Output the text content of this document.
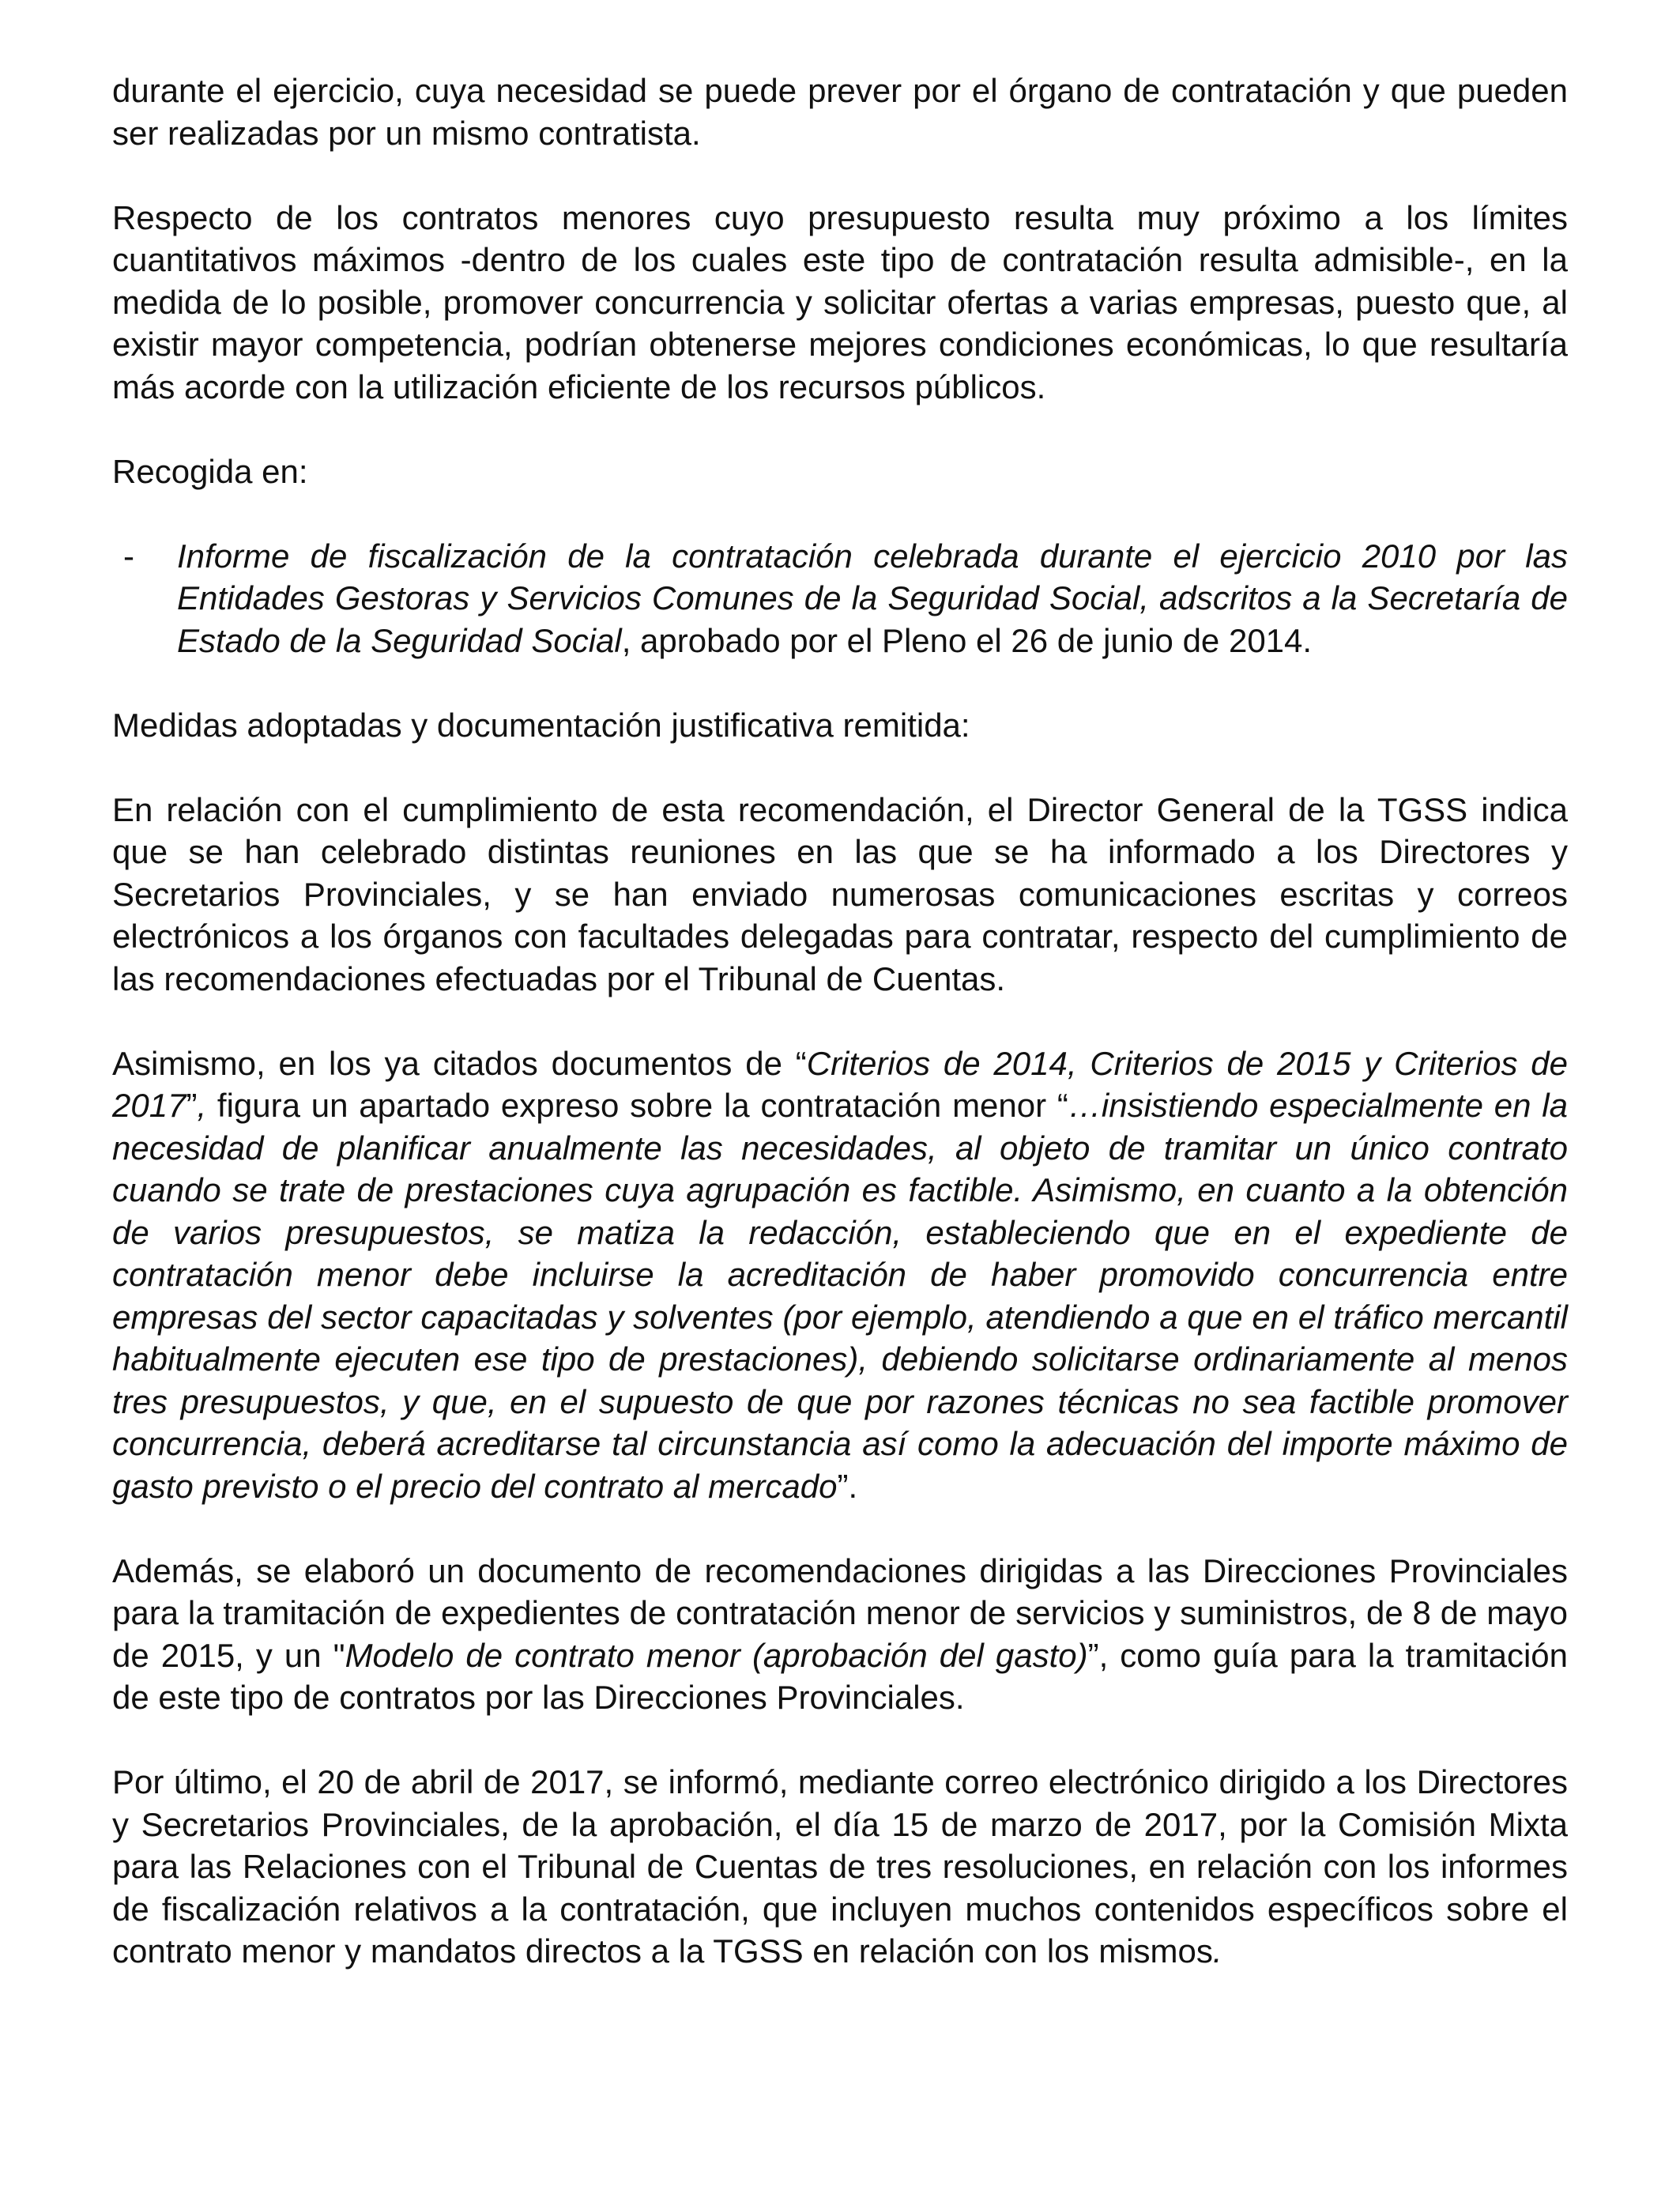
durante el ejercicio, cuya necesidad se puede prever por el órgano de contratación y que pueden ser realizadas por un mismo contratista.

Respecto de los contratos menores cuyo presupuesto resulta muy próximo a los límites cuantitativos máximos -dentro de los cuales este tipo de contratación resulta admisible-, en la medida de lo posible, promover concurrencia y solicitar ofertas a varias empresas, puesto que, al existir mayor competencia, podrían obtenerse mejores condiciones económicas, lo que resultaría más acorde con la utilización eficiente de los recursos públicos.

Recogida en:

- Informe de fiscalización de la contratación celebrada durante el ejercicio 2010 por las Entidades Gestoras y Servicios Comunes de la Seguridad Social, adscritos a la Secretaría de Estado de la Seguridad Social, aprobado por el Pleno el 26 de junio de 2014.

Medidas adoptadas y documentación justificativa remitida:

En relación con el cumplimiento de esta recomendación, el Director General de la TGSS indica que se han celebrado distintas reuniones en las que se ha informado a los Directores y Secretarios Provinciales, y se han enviado numerosas comunicaciones escritas y correos electrónicos a los órganos con facultades delegadas para contratar, respecto del cumplimiento de las recomendaciones efectuadas por el Tribunal de Cuentas.

Asimismo, en los ya citados documentos de “Criterios de 2014, Criterios de 2015 y Criterios de 2017”, figura un apartado expreso sobre la contratación menor “…insistiendo especialmente en la necesidad de planificar anualmente las necesidades, al objeto de tramitar un único contrato cuando se trate de prestaciones cuya agrupación es factible. Asimismo, en cuanto a la obtención de varios presupuestos, se matiza la redacción, estableciendo que en el expediente de contratación menor debe incluirse la acreditación de haber promovido concurrencia entre empresas del sector capacitadas y solventes (por ejemplo, atendiendo a que en el tráfico mercantil habitualmente ejecuten ese tipo de prestaciones), debiendo solicitarse ordinariamente al menos tres presupuestos, y que, en el supuesto de que por razones técnicas no sea factible promover concurrencia, deberá acreditarse tal circunstancia así como la adecuación del importe máximo de gasto previsto o el precio del contrato al mercado”.

Además, se elaboró un documento de recomendaciones dirigidas a las Direcciones Provinciales para la tramitación de expedientes de contratación menor de servicios y suministros, de 8 de mayo de 2015, y un "Modelo de contrato menor (aprobación del gasto)”, como guía para la tramitación de este tipo de contratos por las Direcciones Provinciales.

Por último, el 20 de abril de 2017, se informó, mediante correo electrónico dirigido a los Directores y Secretarios Provinciales, de la aprobación, el día 15 de marzo de 2017, por la Comisión Mixta para las Relaciones con el Tribunal de Cuentas de tres resoluciones, en relación con los informes de fiscalización relativos a la contratación, que incluyen muchos contenidos específicos sobre el contrato menor y mandatos directos a la TGSS en relación con los mismos.
